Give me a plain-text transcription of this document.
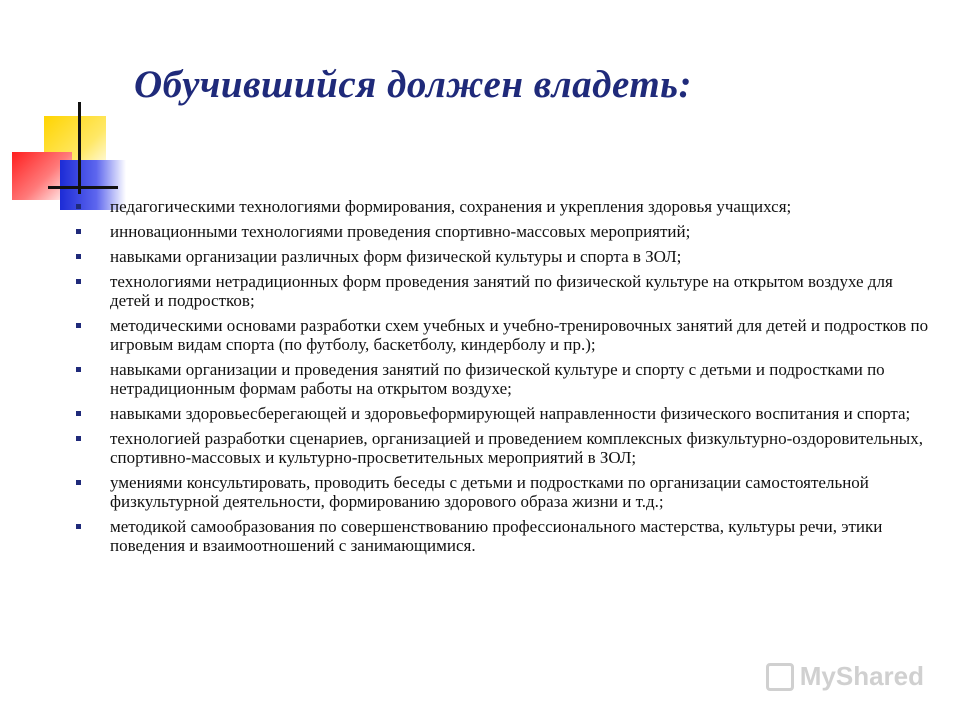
Обучившийся должен владеть:
педагогическими технологиями формирования, сохранения и укрепления здоровья учащихся;
инновационными технологиями проведения спортивно-массовых мероприятий;
навыками организации различных форм физической культуры и спорта в ЗОЛ;
технологиями нетрадиционных форм проведения занятий по физической культуре на открытом воздухе для детей и подростков;
методическими основами разработки схем учебных и учебно-тренировочных занятий для детей и подростков по игровым видам спорта (по футболу, баскетболу, киндерболу и пр.);
навыками организации и проведения занятий по физической культуре и спорту с детьми и подростками по нетрадиционным формам работы на открытом воздухе;
навыками здоровьесберегающей и здоровьеформирующей направленности физического воспитания и спорта;
технологией разработки сценариев, организацией и проведением комплексных физкультурно-оздоровительных, спортивно-массовых и культурно-просветительных мероприятий в ЗОЛ;
умениями консультировать, проводить беседы с детьми и подростками по организации самостоятельной физкультурной деятельности, формированию здорового образа жизни и т.д.;
методикой самообразования по совершенствованию профессионального мастерства, культуры речи, этики поведения и взаимоотношений с занимающимися.
MyShared
